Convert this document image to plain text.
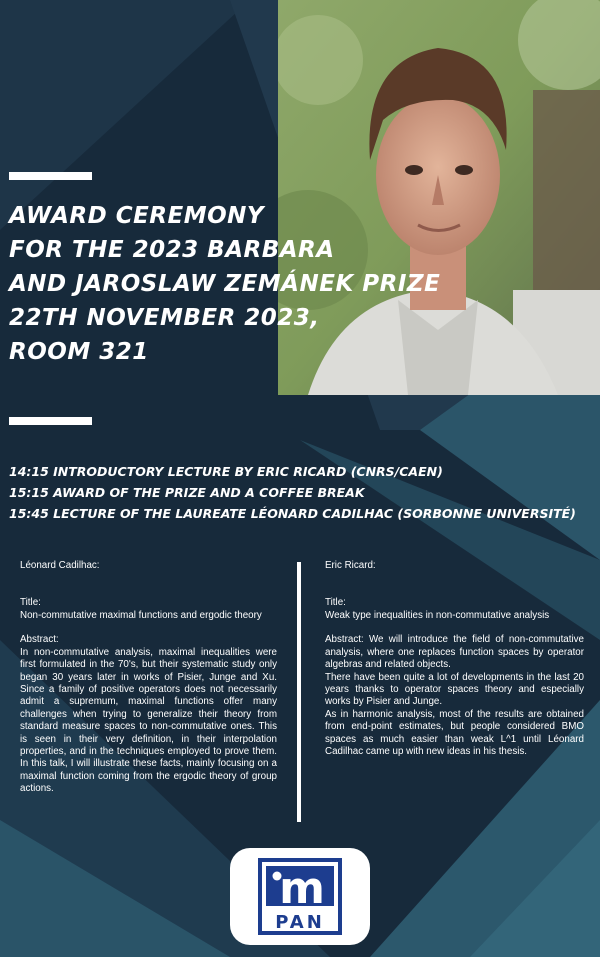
AWARD CEREMONY
FOR THE 2023 BARBARA
AND JAROSLAW ZEMÁNEK PRIZE
22TH NOVEMBER 2023,
ROOM 321
14:15 INTRODUCTORY LECTURE BY ERIC RICARD (CNRS/CAEN)
15:15 AWARD OF THE PRIZE AND A COFFEE BREAK
15:45 LECTURE OF THE LAUREATE LÉONARD CADILHAC (SORBONNE UNIVERSITÉ)

Léonard Cadilhac:

Title:

Non-commutative maximal functions and ergodic theory

Abstract:

In non-commutative analysis, maximal inequalities were first formulated in the 70's, but their systematic study only began 30 years later in works of Pisier, Junge and Xu. Since a family of positive operators does not necessarily admit a supremum, maximal functions offer many challenges when trying to generalize their theory from standard measure spaces to non-commutative ones. This is seen in their very definition, in their interpolation properties, and in the techniques employed to prove them. In this talk, I will illustrate these facts, mainly focusing on a maximal function coming from the ergodic theory of group actions.

Eric Ricard:

Title:

Weak type inequalities in non-commutative analysis

Abstract: We will introduce the field of non-commutative analysis, where one replaces function spaces by operator algebras and related objects.

There have been quite a lot of developments in the last 20 years thanks to operator spaces theory and especially works by Pisier and Junge.

As in harmonic analysis, most of the results are obtained from end-point estimates, but people considered BMO spaces as much easier than weak L^1 until Léonard Cadilhac came up with new ideas in his thesis.

m
PAN
